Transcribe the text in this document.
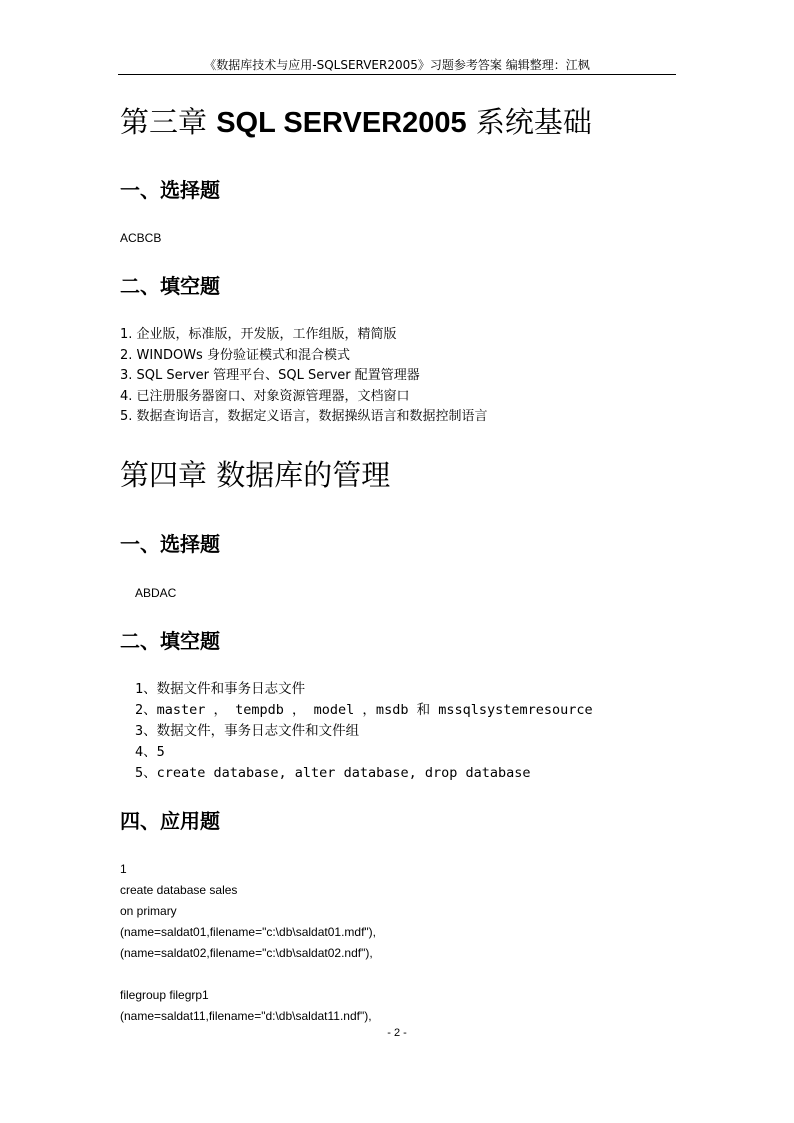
《数据库技术与应用-SQLSERVER2005》习题参考答案 编辑整理：江枫
第三章 SQL SERVER2005 系统基础
一、选择题
ACBCB
二、填空题
1. 企业版，标准版，开发版，工作组版，精简版
2. WINDOWs 身份验证模式和混合模式
3. SQL Server 管理平台、SQL Server 配置管理器
4. 已注册服务器窗口、对象资源管理器，文档窗口
5. 数据查询语言，数据定义语言，数据操纵语言和数据控制语言
第四章 数据库的管理
一、选择题
ABDAC
二、填空题
1、数据文件和事务日志文件
2、master ， tempdb ， model ，msdb 和 mssqlsystemresource
3、数据文件，事务日志文件和文件组
4、5
5、create database, alter database, drop database
四、应用题
1
create database sales
on primary
(name=saldat01,filename="c:\db\saldat01.mdf"),
(name=saldat02,filename="c:\db\saldat02.ndf"),
filegroup filegrp1
(name=saldat11,filename="d:\db\saldat11.ndf"),
- 2 -
